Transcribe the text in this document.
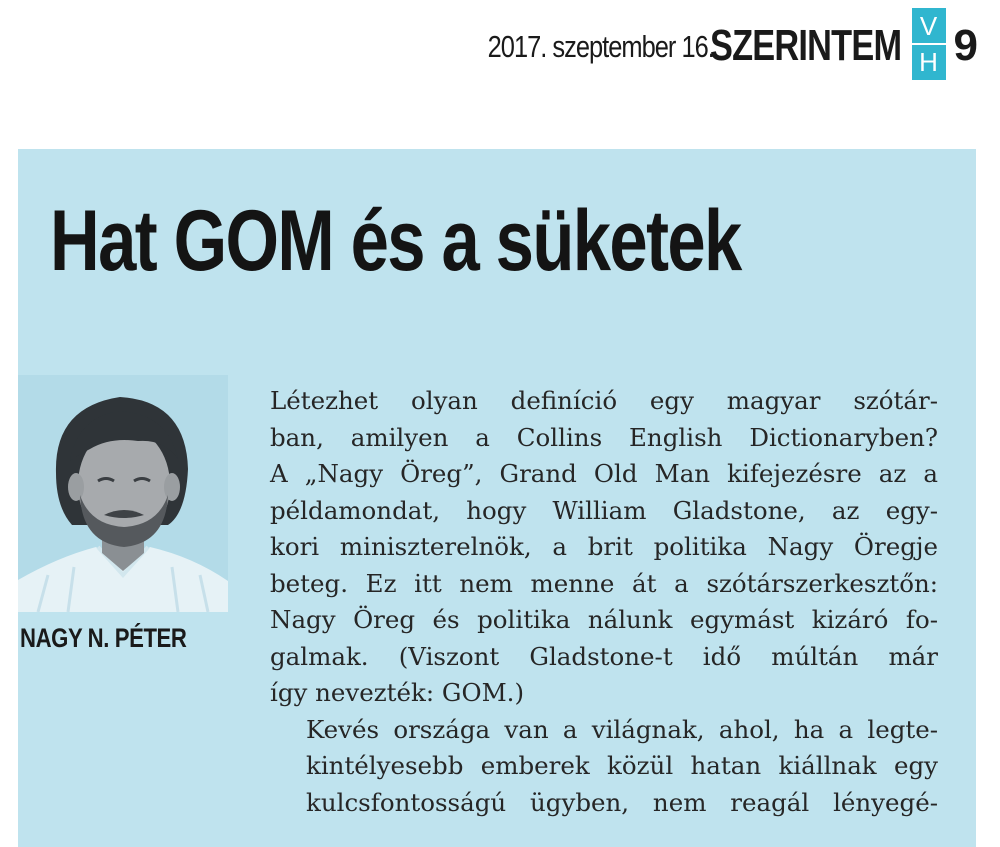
2017. szeptember 16.
SZERINTEM V
H 9
Hat GOM és a süketek
NAGY N. PÉTER

Létezhet olyan definíció egy magyar szótár-
ban, amilyen a Collins English Dictionaryben?
A „Nagy Öreg”, Grand Old Man kifejezésre az a
példamondat, hogy William Gladstone, az egy-
kori miniszterelnök, a brit politika Nagy Öregje
beteg. Ez itt nem menne át a szótárszerkesztőn:
Nagy Öreg és politika nálunk egymást kizáró fo-
galmak. (Viszont Gladstone-t idő múltán már
így nevezték: GOM.)

Kevés országa van a világnak, ahol, ha a legte-
kintélyesebb emberek közül hatan kiállnak egy
kulcsfontosságú ügyben, nem reagál lényegé-
